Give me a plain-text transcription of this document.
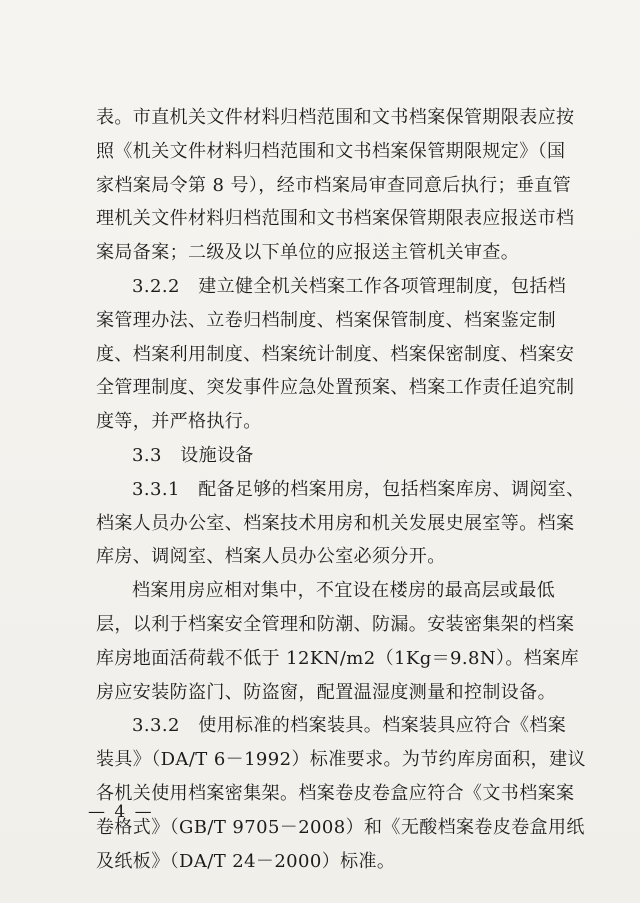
表。市直机关文件材料归档范围和文书档案保管期限表应按
照《机关文件材料归档范围和文书档案保管期限规定》（国
家档案局令第 8 号），经市档案局审查同意后执行；垂直管
理机关文件材料归档范围和文书档案保管期限表应报送市档
案局备案；二级及以下单位的应报送主管机关审查。
3.2.2　建立健全机关档案工作各项管理制度，包括档
案管理办法、立卷归档制度、档案保管制度、档案鉴定制
度、档案利用制度、档案统计制度、档案保密制度、档案安
全管理制度、突发事件应急处置预案、档案工作责任追究制
度等，并严格执行。
3.3　设施设备
3.3.1　配备足够的档案用房，包括档案库房、调阅室、
档案人员办公室、档案技术用房和机关发展史展室等。档案
库房、调阅室、档案人员办公室必须分开。
档案用房应相对集中，不宜设在楼房的最高层或最低
层，以利于档案安全管理和防潮、防漏。安装密集架的档案
库房地面活荷载不低于 12KN/m2（1Kg＝9.8N）。档案库
房应安装防盗门、防盗窗，配置温湿度测量和控制设备。
3.3.2　使用标准的档案装具。档案装具应符合《档案
装具》（DA/T 6－1992）标准要求。为节约库房面积，建议
各机关使用档案密集架。档案卷皮卷盒应符合《文书档案案
卷格式》（GB/T 9705－2008）和《无酸档案卷皮卷盒用纸
及纸板》（DA/T 24－2000）标准。
— 4 —
